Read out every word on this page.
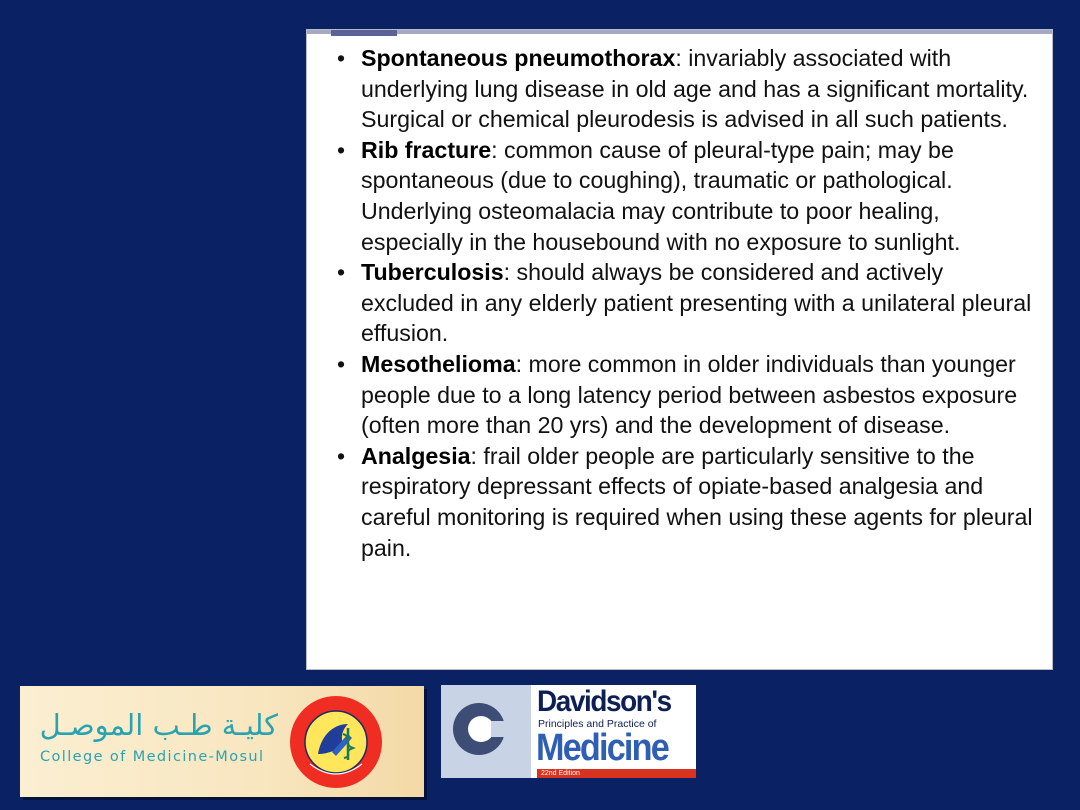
• Spontaneous pneumothorax: invariably associated with underlying lung disease in old age and has a significant mortality. Surgical or chemical pleurodesis is advised in all such patients.
• Rib fracture: common cause of pleural-type pain; may be spontaneous (due to coughing), traumatic or pathological. Underlying osteomalacia may contribute to poor healing, especially in the housebound with no exposure to sunlight.
• Tuberculosis: should always be considered and actively excluded in any elderly patient presenting with a unilateral pleural effusion.
• Mesothelioma: more common in older individuals than younger people due to a long latency period between asbestos exposure (often more than 20 yrs) and the development of disease.
• Analgesia: frail older people are particularly sensitive to the respiratory depressant effects of opiate-based analgesia and careful monitoring is required when using these agents for pleural pain.
كليـة طـب الموصـل
College of Medicine-Mosul
Davidson's
Principles and Practice of
Medicine
22nd Edition
